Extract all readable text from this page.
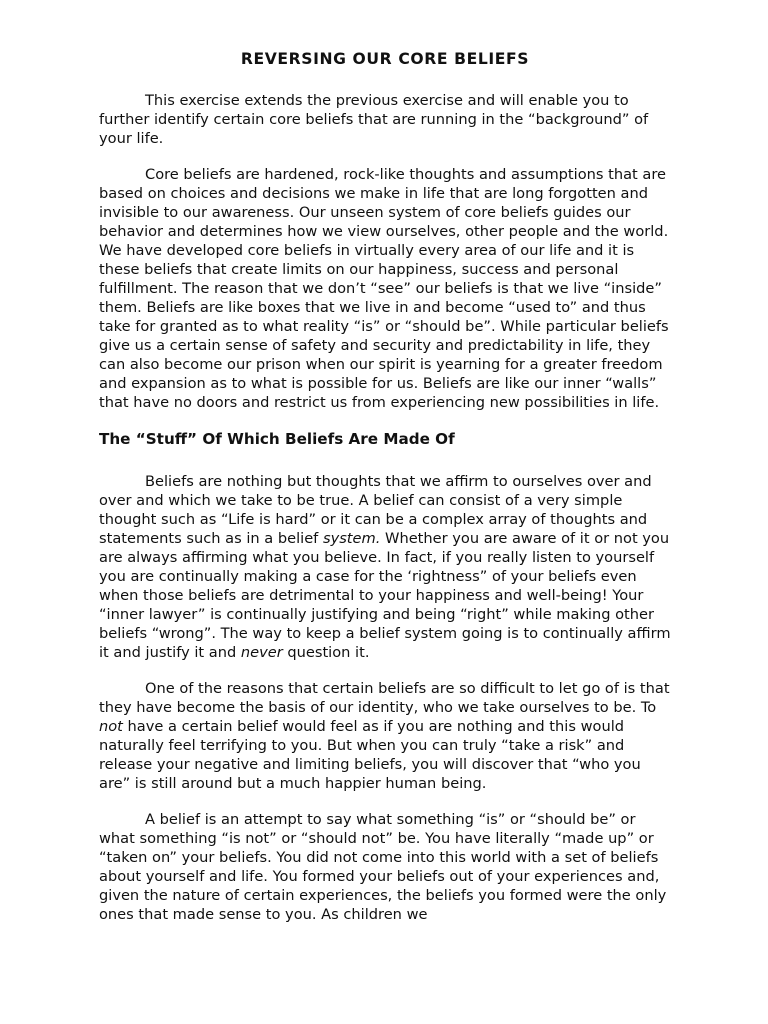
REVERSING OUR CORE BELIEFS

This exercise extends the previous exercise and will enable you to further identify certain core beliefs that are running in the “background” of your life.

Core beliefs are hardened, rock-like thoughts and assumptions that are based on choices and decisions we make in life that are long forgotten and invisible to our awareness. Our unseen system of core beliefs guides our behavior and determines how we view ourselves, other people and the world. We have developed core beliefs in virtually every area of our life and it is these beliefs that create limits on our happiness, success and personal fulfillment. The reason that we don’t “see” our beliefs is that we live “inside” them. Beliefs are like boxes that we live in and become “used to” and thus take for granted as to what reality “is” or “should be”. While particular beliefs give us a certain sense of safety and security and predictability in life, they can also become our prison when our spirit is yearning for a greater freedom and expansion as to what is possible for us. Beliefs are like our inner “walls” that have no doors and restrict us from experiencing new possibilities in life.

The “Stuff” Of Which Beliefs Are Made Of

Beliefs are nothing but thoughts that we affirm to ourselves over and over and which we take to be true. A belief can consist of a very simple thought such as “Life is hard” or it can be a complex array of thoughts and statements such as in a belief system. Whether you are aware of it or not you are always affirming what you believe. In fact, if you really listen to yourself you are continually making a case for the ‘rightness” of your beliefs even when those beliefs are detrimental to your happiness and well-being! Your “inner lawyer” is continually justifying and being “right” while making other beliefs “wrong”. The way to keep a belief system going is to continually affirm it and justify it and never question it.

One of the reasons that certain beliefs are so difficult to let go of is that they have become the basis of our identity, who we take ourselves to be. To not have a certain belief would feel as if you are nothing and this would naturally feel terrifying to you. But when you can truly “take a risk” and release your negative and limiting beliefs, you will discover that “who you are” is still around but a much happier human being.

A belief is an attempt to say what something “is” or “should be” or what something “is not” or “should not” be. You have literally “made up” or “taken on” your beliefs. You did not come into this world with a set of beliefs about yourself and life. You formed your beliefs out of your experiences and, given the nature of certain experiences, the beliefs you formed were the only ones that made sense to you. As children we
